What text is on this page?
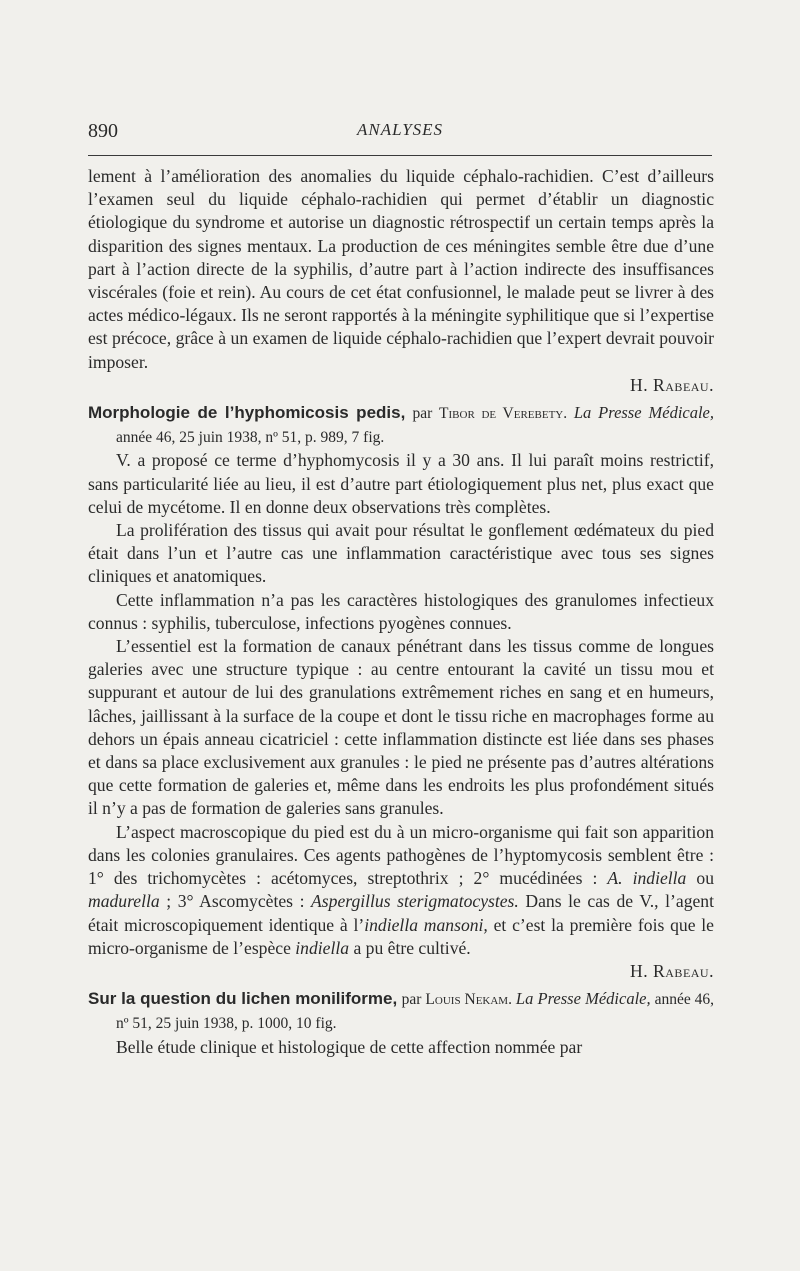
890	ANALYSES

lement à l’amélioration des anomalies du liquide céphalo-rachidien. C’est d’ailleurs l’examen seul du liquide céphalo-rachidien qui permet d’établir un diagnostic étiologique du syndrome et autorise un diagnostic rétrospectif un certain temps après la disparition des signes mentaux. La production de ces méningites semble être due d’une part à l’action directe de la syphilis, d’autre part à l’action indirecte des insuffisances viscérales (foie et rein). Au cours de cet état confusionnel, le malade peut se livrer à des actes médico-légaux. Ils ne seront rapportés à la méningite syphilitique que si l’expertise est précoce, grâce à un examen de liquide céphalo-rachidien que l’expert devrait pouvoir imposer.

H. Rabeau.

Morphologie de l’hyphomicosis pedis, par Tibor de Verebety. La Presse Médicale, année 46, 25 juin 1938, nº 51, p. 989, 7 fig.

V. a proposé ce terme d’hyphomycosis il y a 30 ans. Il lui paraît moins restrictif, sans particularité liée au lieu, il est d’autre part étiologiquement plus net, plus exact que celui de mycétome. Il en donne deux observations très complètes.

La prolifération des tissus qui avait pour résultat le gonflement œdémateux du pied était dans l’un et l’autre cas une inflammation caractéristique avec tous ses signes cliniques et anatomiques.

Cette inflammation n’a pas les caractères histologiques des granulomes infectieux connus : syphilis, tuberculose, infections pyogènes connues.

L’essentiel est la formation de canaux pénétrant dans les tissus comme de longues galeries avec une structure typique : au centre entourant la cavité un tissu mou et suppurant et autour de lui des granulations extrêmement riches en sang et en humeurs, lâches, jaillissant à la surface de la coupe et dont le tissu riche en macrophages forme au dehors un épais anneau cicatriciel : cette inflammation distincte est liée dans ses phases et dans sa place exclusivement aux granules : le pied ne présente pas d’autres altérations que cette formation de galeries et, même dans les endroits les plus profondément situés il n’y a pas de formation de galeries sans granules.

L’aspect macroscopique du pied est du à un micro-organisme qui fait son apparition dans les colonies granulaires. Ces agents pathogènes de l’hyptomycosis semblent être : 1° des trichomycètes : acétomyces, streptothrix ; 2° mucédinées : A. indiella ou madurella ; 3° Ascomycètes : Aspergillus sterigmatocystes. Dans le cas de V., l’agent était microscopiquement identique à l’indiella mansoni, et c’est la première fois que le micro-organisme de l’espèce indiella a pu être cultivé.

H. Rabeau.

Sur la question du lichen moniliforme, par Louis Nekam. La Presse Médicale, année 46, nº 51, 25 juin 1938, p. 1000, 10 fig.

Belle étude clinique et histologique de cette affection nommée par
